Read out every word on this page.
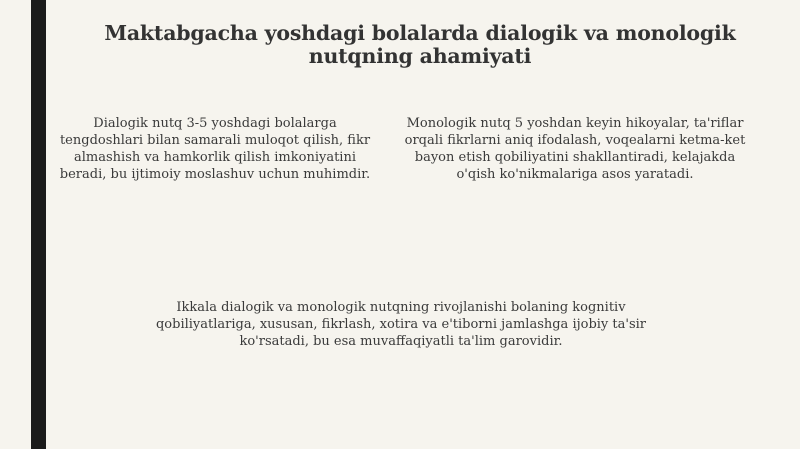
Maktabgacha yoshdagi bolalarda dialogik va monologik nutqning ahamiyati
Dialogik nutq 3-5 yoshdagi bolalarga tengdoshlari bilan samarali muloqot qilish, fikr almashish va hamkorlik qilish imkoniyatini beradi, bu ijtimoiy moslashuv uchun muhimdir.
Monologik nutq 5 yoshdan keyin hikoyalar, ta'riflar orqali fikrlarni aniq ifodalash, voqealarni ketma-ket bayon etish qobiliyatini shakllantiradi, kelajakda o'qish ko'nikmalariga asos yaratadi.
Ikkala dialogik va monologik nutqning rivojlanishi bolaning kognitiv qobiliyatlariga, xususan, fikrlash, xotira va e'tiborni jamlashga ijobiy ta'sir ko'rsatadi, bu esa muvaffaqiyatli ta'lim garovidir.
